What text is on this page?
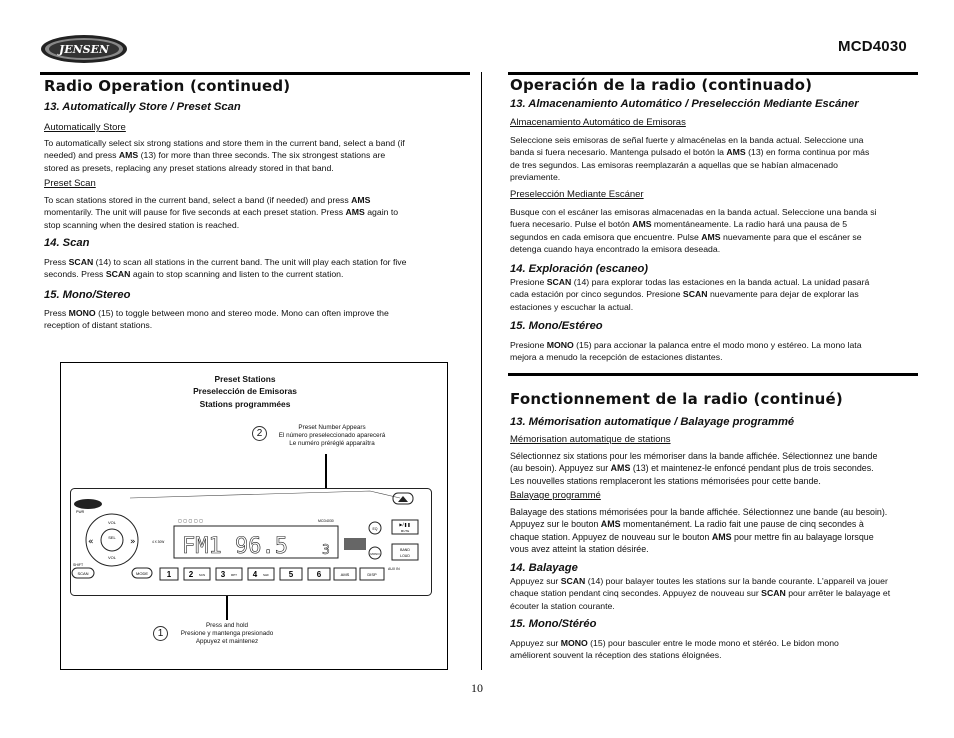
JENSEN	MCD4030
Radio Operation (continued)
13. Automatically Store / Preset Scan
Automatically Store
To automatically select six strong stations and store them in the current band, select a band (if
needed) and press AMS (13) for more than three seconds. The six strongest stations are
stored as presets, replacing any preset stations already stored in that band.
Preset Scan
To scan stations stored in the current band, select a band (if needed) and press AMS
momentarily. The unit will pause for five seconds at each preset station. Press AMS again to
stop scanning when the desired station is reached.
14. Scan
Press SCAN (14) to scan all stations in the current band. The unit will play each station for five
seconds. Press SCAN again to stop scanning and listen to the current station.
15. Mono/Stereo
Press MONO (15) to toggle between mono and stereo mode. Mono can often improve the
reception of distant stations.
Preset Stations
Preselección de Emisoras
Stations programmées
2
Preset Number Appears
El número preseleccionado aparecerá
Le numéro préréglé apparaîtra
PWR
SHIFT
VOL
VOL
SEL
«	»
SCAN	MODE
4 X 30W
▢▢▢▢▢	MCD4030
FM1 96.5	3
EQ
▶/❚❚
MUTE
MONO
BAND
LOUD
AUX IN
1 2 SCN 3 RPT 4 SHF 5	6	AMS	DISP
1
Press and hold
Presione y mantenga presionado
Appuyez et maintenez
Operación de la radio (continuado)
13. Almacenamiento Automático / Preselección Mediante Escáner
Almacenamiento Automático de Emisoras
Seleccione seis emisoras de señal fuerte y almacénelas en la banda actual. Seleccione una
banda si fuera necesario. Mantenga pulsado el botón la AMS (13) en forma continua por más
de tres segundos. Las emisoras reemplazarán a aquellas que se habían almacenado
previamente.
Preselección Mediante Escáner
Busque con el escáner las emisoras almacenadas en la banda actual. Seleccione una banda si
fuera necesario. Pulse el botón AMS momentáneamente. La radio hará una pausa de 5
segundos en cada emisora que encuentre. Pulse AMS nuevamente para que el escáner se
detenga cuando haya encontrado la emisora deseada.
14. Exploración (escaneo)
Presione SCAN (14) para explorar todas las estaciones en la banda actual. La unidad pasará
cada estación por cinco segundos. Presione SCAN nuevamente para dejar de explorar las
estaciones y escuchar la actual.
15. Mono/Estéreo
Presione MONO (15) para accionar la palanca entre el modo mono y estéreo. La mono lata
mejora a menudo la recepción de estaciones distantes.
Fonctionnement de la radio (continué)
13. Mémorisation automatique / Balayage programmé
Mémorisation automatique de stations
Sélectionnez six stations pour les mémoriser dans la bande affichée. Sélectionnez une bande
(au besoin). Appuyez sur AMS (13) et maintenez-le enfoncé pendant plus de trois secondes.
Les nouvelles stations remplaceront les stations mémorisées pour cette bande.
Balayage programmé
Balayage des stations mémorisées pour la bande affichée. Sélectionnez une bande (au besoin).
Appuyez sur le bouton AMS momentanément. La radio fait une pause de cinq secondes à
chaque station. Appuyez de nouveau sur le bouton AMS pour mettre fin au balayage lorsque
vous avez atteint la station désirée.
14. Balayage
Appuyez sur SCAN (14) pour balayer toutes les stations sur la bande courante. L'appareil va jouer
chaque station pendant cinq secondes. Appuyez de nouveau sur SCAN pour arrêter le balayage et
écouter la station courante.
15. Mono/Stéréo
Appuyez sur MONO (15) pour basculer entre le mode mono et stéréo. Le bidon mono
améliorent souvent la réception des stations éloignées.
10
